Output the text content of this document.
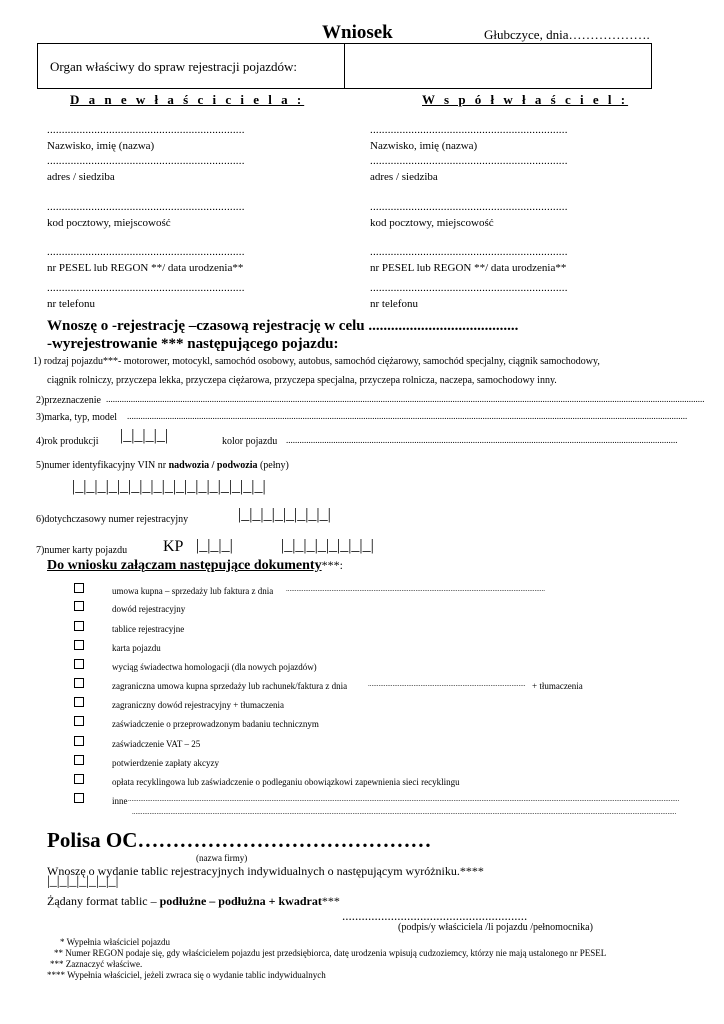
Wniosek	Głubczyce, dnia……………….
Organ właściwy do spraw rejestracji pojazdów:
D a n e w ł a ś c i c i e l a :	W s p ó ł w ł a ś c i e l :
...................................................................
Nazwisko, imię (nazwa)
...................................................................
adres / siedziba
...................................................................
kod pocztowy, miejscowość
...................................................................
nr PESEL lub REGON **/ data urodzenia**
...................................................................
nr telefonu
...................................................................
Nazwisko, imię (nazwa)
...................................................................
adres / siedziba
...................................................................
kod pocztowy, miejscowość
...................................................................
nr PESEL lub REGON **/ data urodzenia**
...................................................................
nr telefonu
Wnoszę o -rejestrację –czasową rejestrację w celu ........................................
-wyrejestrowanie *** następującego pojazdu:
1) rodzaj pojazdu***- motorower, motocykl, samochód osobowy, autobus, samochód ciężarowy, samochód specjalny, ciągnik samochodowy,
ciągnik rolniczy, przyczepa lekka, przyczepa ciężarowa, przyczepa specjalna, przyczepa rolnicza, naczepa, samochodowy inny.
2)przeznaczenie ..........................................................................................................................................................................................................................................................................
3)marka, typ, model .........................................................................................................................................................................................................................................................
4)rok produkcji |_|_|_|_|	kolor pojazdu ..............................................................................................................................................................................
5)numer identyfikacyjny VIN nr nadwozia / podwozia (pełny)
|_|_|_|_|_|_|_|_|_|_|_|_|_|_|_|_|_|
6)dotychczasowy numer rejestracyjny	|_|_|_|_|_|_|_|_|
7)numer karty pojazdu KP |_|_|_|	|_|_|_|_|_|_|_|_|
Do wniosku załączam następujące dokumenty***:
umowa kupna – sprzedaży lub faktura z dnia ....................................................................................................................................................
dowód rejestracyjny
tablice rejestracyjne
karta pojazdu
wyciąg świadectwa homologacji (dla nowych pojazdów)
zagraniczna umowa kupna sprzedaży lub rachunek/faktura z dnia	.......................................................................................... + tłumaczenia
zagraniczny dowód rejestracyjny + tłumaczenia
zaświadczenie o przeprowadzonym badaniu technicznym
zaświadczenie VAT – 25
potwierdzenie zapłaty akcyzy
opłata recyklingowa lub zaświadczenie o podleganiu obowiązkowi zapewnienia sieci recyklingu
inne ...........................................................................................................................................................................................................................................................................................................................
.......................................................................................................................................................................................................................................................................................................................
Polisa OC……………………………………
(nazwa firmy)
Wnoszę o wydanie tablic rejestracyjnych indywidualnych o następującym wyróżniku.****
|_|_|_|_|_|_|_|
Żądany format tablic – podłużne – podłużna + kwadrat***
.........................................................
(podpis/y właściciela /li pojazdu /pełnomocnika)
* Wypełnia właściciel pojazdu
** Numer REGON podaje się, gdy właścicielem pojazdu jest przedsiębiorca, datę urodzenia wpisują cudzoziemcy, którzy nie mają ustalonego nr PESEL
*** Zaznaczyć właściwe.
**** Wypełnia właściciel, jeżeli zwraca się o wydanie tablic indywidualnych
